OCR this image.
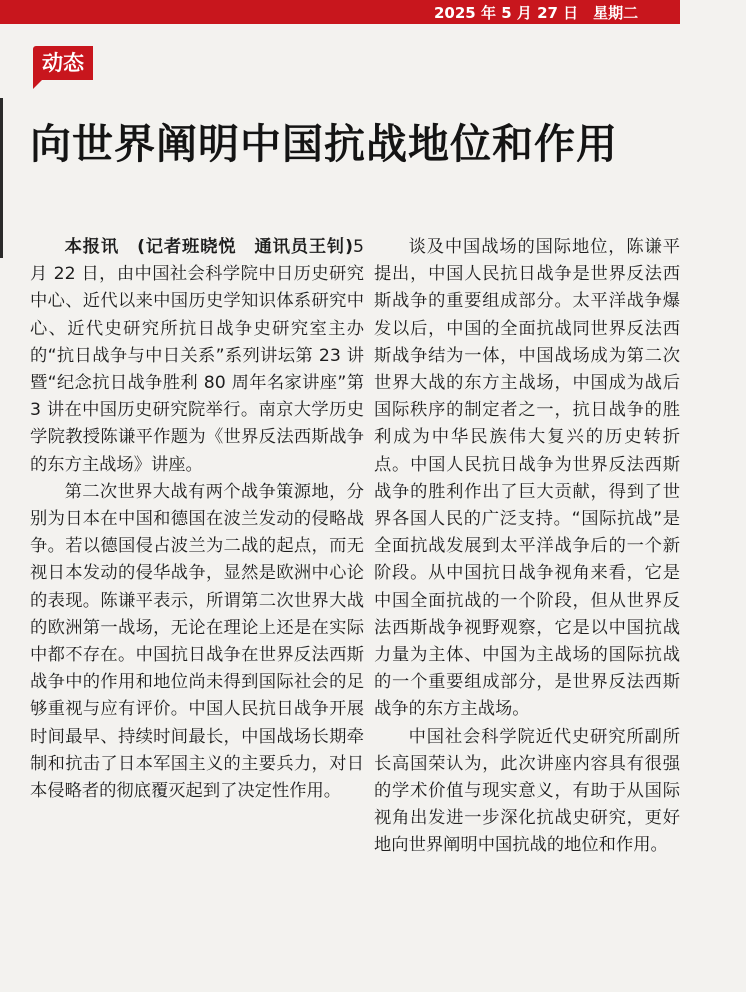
2025 年 5 月 27 日　星期二
动态
向世界阐明中国抗战地位和作用

本报讯　(记者班晓悦　通讯员王钊)5 月 22 日，由中国社会科学院中日历史研究中心、近代以来中国历史学知识体系研究中心、近代史研究所抗日战争史研究室主办的“抗日战争与中日关系”系列讲坛第 23 讲暨“纪念抗日战争胜利 80 周年名家讲座”第 3 讲在中国历史研究院举行。南京大学历史学院教授陈谦平作题为《世界反法西斯战争的东方主战场》讲座。

第二次世界大战有两个战争策源地，分别为日本在中国和德国在波兰发动的侵略战争。若以德国侵占波兰为二战的起点，而无视日本发动的侵华战争，显然是欧洲中心论的表现。陈谦平表示，所谓第二次世界大战的欧洲第一战场，无论在理论上还是在实际中都不存在。中国抗日战争在世界反法西斯战争中的作用和地位尚未得到国际社会的足够重视与应有评价。中国人民抗日战争开展时间最早、持续时间最长，中国战场长期牵制和抗击了日本军国主义的主要兵力，对日本侵略者的彻底覆灭起到了决定性作用。

谈及中国战场的国际地位，陈谦平提出，中国人民抗日战争是世界反法西斯战争的重要组成部分。太平洋战争爆发以后，中国的全面抗战同世界反法西斯战争结为一体，中国战场成为第二次世界大战的东方主战场，中国成为战后国际秩序的制定者之一，抗日战争的胜利成为中华民族伟大复兴的历史转折点。中国人民抗日战争为世界反法西斯战争的胜利作出了巨大贡献，得到了世界各国人民的广泛支持。“国际抗战”是全面抗战发展到太平洋战争后的一个新阶段。从中国抗日战争视角来看，它是中国全面抗战的一个阶段，但从世界反法西斯战争视野观察，它是以中国抗战力量为主体、中国为主战场的国际抗战的一个重要组成部分，是世界反法西斯战争的东方主战场。

中国社会科学院近代史研究所副所长高国荣认为，此次讲座内容具有很强的学术价值与现实意义，有助于从国际视角出发进一步深化抗战史研究，更好地向世界阐明中国抗战的地位和作用。
